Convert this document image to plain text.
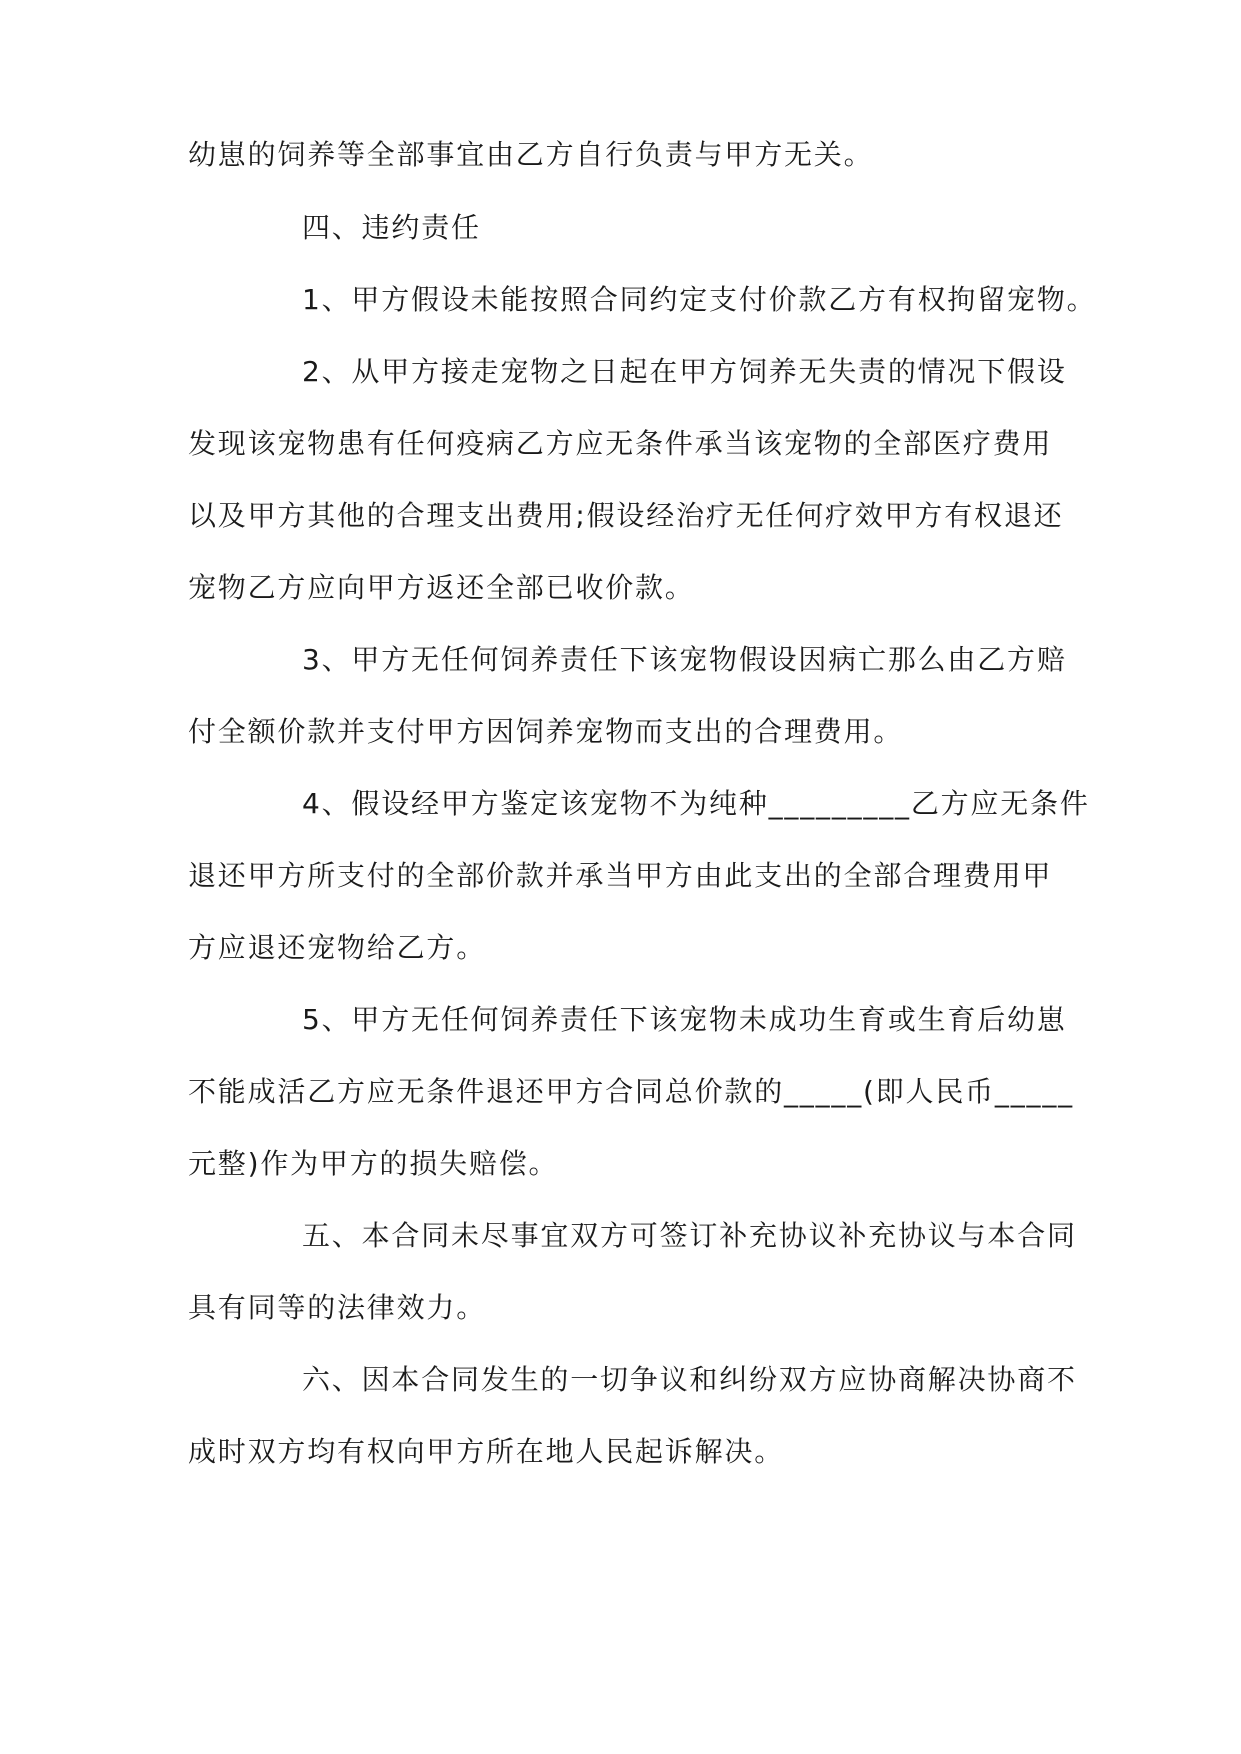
幼崽的饲养等全部事宜由乙方自行负责与甲方无关。
四、违约责任
1、甲方假设未能按照合同约定支付价款乙方有权拘留宠物。
2、从甲方接走宠物之日起在甲方饲养无失责的情况下假设
发现该宠物患有任何疫病乙方应无条件承当该宠物的全部医疗费用
以及甲方其他的合理支出费用;假设经治疗无任何疗效甲方有权退还
宠物乙方应向甲方返还全部已收价款。
3、甲方无任何饲养责任下该宠物假设因病亡那么由乙方赔
付全额价款并支付甲方因饲养宠物而支出的合理费用。
4、假设经甲方鉴定该宠物不为纯种_________乙方应无条件
退还甲方所支付的全部价款并承当甲方由此支出的全部合理费用甲
方应退还宠物给乙方。
5、甲方无任何饲养责任下该宠物未成功生育或生育后幼崽
不能成活乙方应无条件退还甲方合同总价款的_____(即人民币_____
元整)作为甲方的损失赔偿。
五、本合同未尽事宜双方可签订补充协议补充协议与本合同
具有同等的法律效力。
六、因本合同发生的一切争议和纠纷双方应协商解决协商不
成时双方均有权向甲方所在地人民起诉解决。
